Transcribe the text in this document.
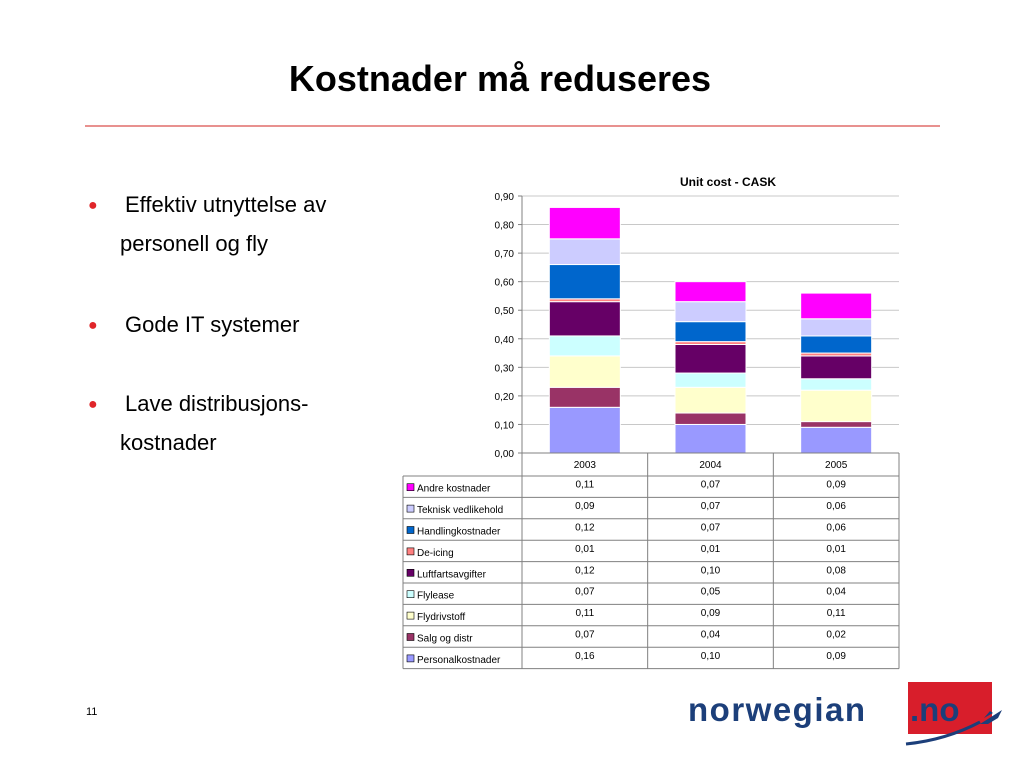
Kostnader må reduseres
● Effektiv utnyttelse av
personell og fly
● Gode IT systemer
● Lave distribusjons-
kostnader
Unit cost - CASK
0,00
0,10
0,20
0,30
0,40
0,50
0,60
0,70
0,80
0,90
2003	2004	2005
Andre kostnader	0,11	0,07	0,09
Teknisk vedlikehold	0,09	0,07	0,06
Handlingkostnader	0,12	0,07	0,06
De-icing	0,01	0,01	0,01
Luftfartsavgifter	0,12	0,10	0,08
Flylease	0,07	0,05	0,04
Flydrivstoff	0,11	0,09	0,11
Salg og distr	0,07	0,04	0,02
Personalkostnader	0,16	0,10	0,09
11	norwegian .no
